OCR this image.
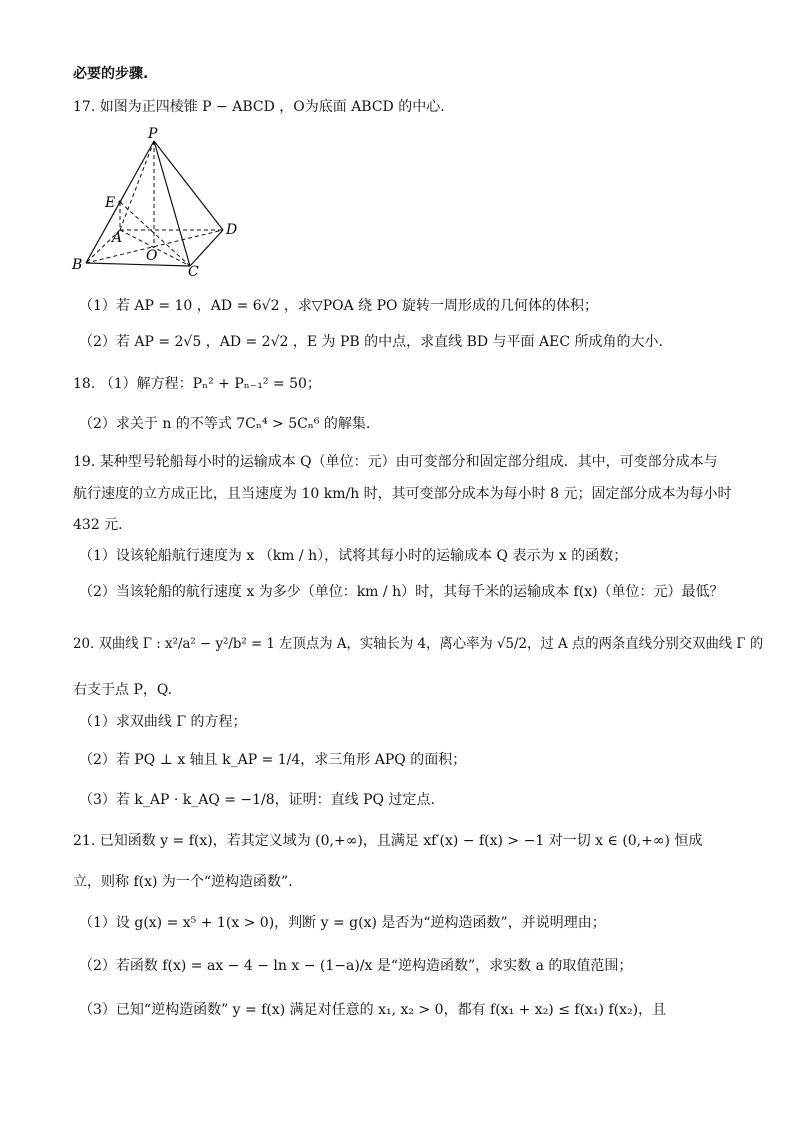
必要的步骤.
17. 如图为正四棱锥 P − ABCD ，O为底面 ABCD 的中心.
P
E
A	D
O
B	C
（1）若 AP = 10 ，AD = 6√2 ，求▽POA 绕 PO 旋转一周形成的几何体的体积；
（2）若 AP = 2√5 ，AD = 2√2 ，E 为 PB 的中点，求直线 BD 与平面 AEC 所成角的大小.
18. （1）解方程：Pₙ² + Pₙ₋₁² = 50；
（2）求关于 n 的不等式 7Cₙ⁴ > 5Cₙ⁶ 的解集.
19. 某种型号轮船每小时的运输成本 Q（单位：元）由可变部分和固定部分组成．其中，可变部分成本与
航行速度的立方成正比，且当速度为 10 km/h 时，其可变部分成本为每小时 8 元；固定部分成本为每小时
432 元．
（1）设该轮船航行速度为 x （km / h），试将其每小时的运输成本 Q 表示为 x 的函数；
（2）当该轮船的航行速度 x 为多少（单位：km / h）时，其每千米的运输成本 f(x)（单位：元）最低？
20. 双曲线 Γ : x²/a² − y²/b² = 1 左顶点为 A，实轴长为 4，离心率为 √5/2，过 A 点的两条直线分别交双曲线 Γ 的
右支于点 P，Q.
（1）求双曲线 Γ 的方程；
（2）若 PQ ⊥ x 轴且 k_AP = 1/4，求三角形 APQ 的面积；
（3）若 k_AP · k_AQ = −1/8，证明：直线 PQ 过定点.
21. 已知函数 y = f(x)，若其定义域为 (0,+∞)，且满足 xf′(x) − f(x) > −1 对一切 x ∈ (0,+∞) 恒成
立，则称 f(x) 为一个“逆构造函数”.
（1）设 g(x) = x⁵ + 1(x > 0)，判断 y = g(x) 是否为“逆构造函数”，并说明理由；
（2）若函数 f(x) = ax − 4 − ln x − (1−a)/x 是“逆构造函数”，求实数 a 的取值范围；
（3）已知“逆构造函数” y = f(x) 满足对任意的 x₁, x₂ > 0，都有 f(x₁ + x₂) ≤ f(x₁) f(x₂)，且
